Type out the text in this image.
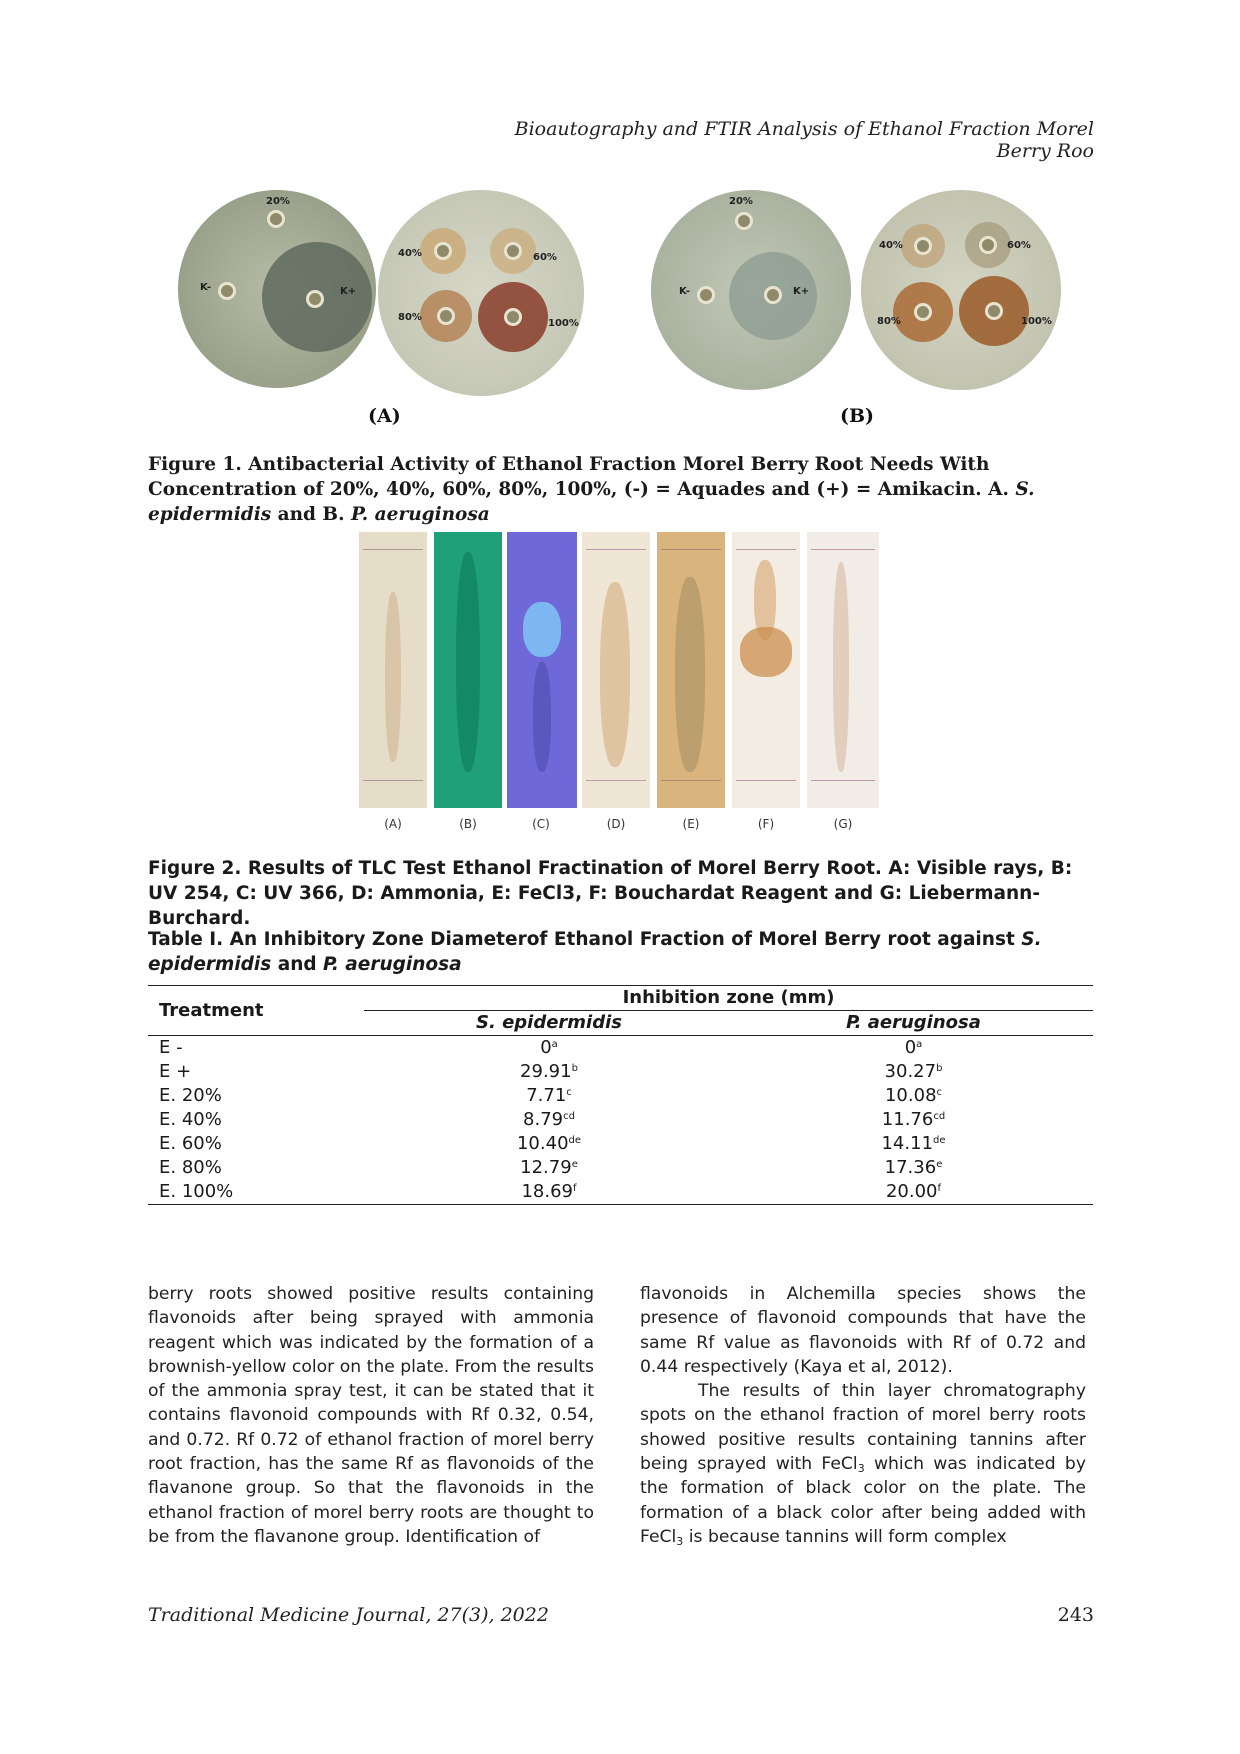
Bioautography and FTIR Analysis of Ethanol Fraction Morel Berry Roo
20%
K-	K+
40%	60%
80%
100%
20%
K-	K+
40%	60%
80%	100%
(A)	(B)
Figure 1. Antibacterial Activity of Ethanol Fraction Morel Berry Root Needs With Concentration of 20%, 40%, 60%, 80%, 100%, (-) = Aquades and (+) = Amikacin. A. S. epidermidis and B. P. aeruginosa
(A)	(B)	(C)	(D)	(E)	(F)	(G)
Figure 2. Results of TLC Test Ethanol Fractination of Morel Berry Root. A: Visible rays, B: UV 254, C: UV 366, D: Ammonia, E: FeCl3, F: Bouchardat Reagent and G: Liebermann-Burchard.
Table I. An Inhibitory Zone Diameterof Ethanol Fraction of Morel Berry root against S. epidermidis and P. aeruginosa
Treatment	Inhibition zone (mm)	
	S. epidermidis	P. aeruginosa
E -	0$^a$	0$^a$
E +	29.91$^b$	30.27$^b$
E. 20%	7.71$^c$	10.08$^c$
E. 40%	8.79$^{cd}$	11.76$^{cd}$
E. 60%	10.40de	14.11de
E. 80%	12.79e	17.36e
E. 100%	18.69$^f$	20.00$^f$

berry roots showed positive results containing flavonoids after being sprayed with ammonia reagent which was indicated by the formation of a brownish-yellow color on the plate. From the results of the ammonia spray test, it can be stated that it contains flavonoid compounds with Rf 0.32, 0.54, and 0.72. Rf 0.72 of ethanol fraction of morel berry root fraction, has the same Rf as flavonoids of the flavanone group. So that the flavonoids in the ethanol fraction of morel berry roots are thought to be from the flavanone group. Identification of

flavonoids in Alchemilla species shows the presence of flavonoid compounds that have the same Rf value as flavonoids with Rf of 0.72 and 0.44 respectively (Kaya et al, 2012).

The results of thin layer chromatography spots on the ethanol fraction of morel berry roots showed positive results containing tannins after being sprayed with FeCl$_3$ which was indicated by the formation of black color on the plate. The formation of a black color after being added with FeCl$_3$ is because tannins will form complex

Traditional Medicine Journal, 27(3), 2022	243
